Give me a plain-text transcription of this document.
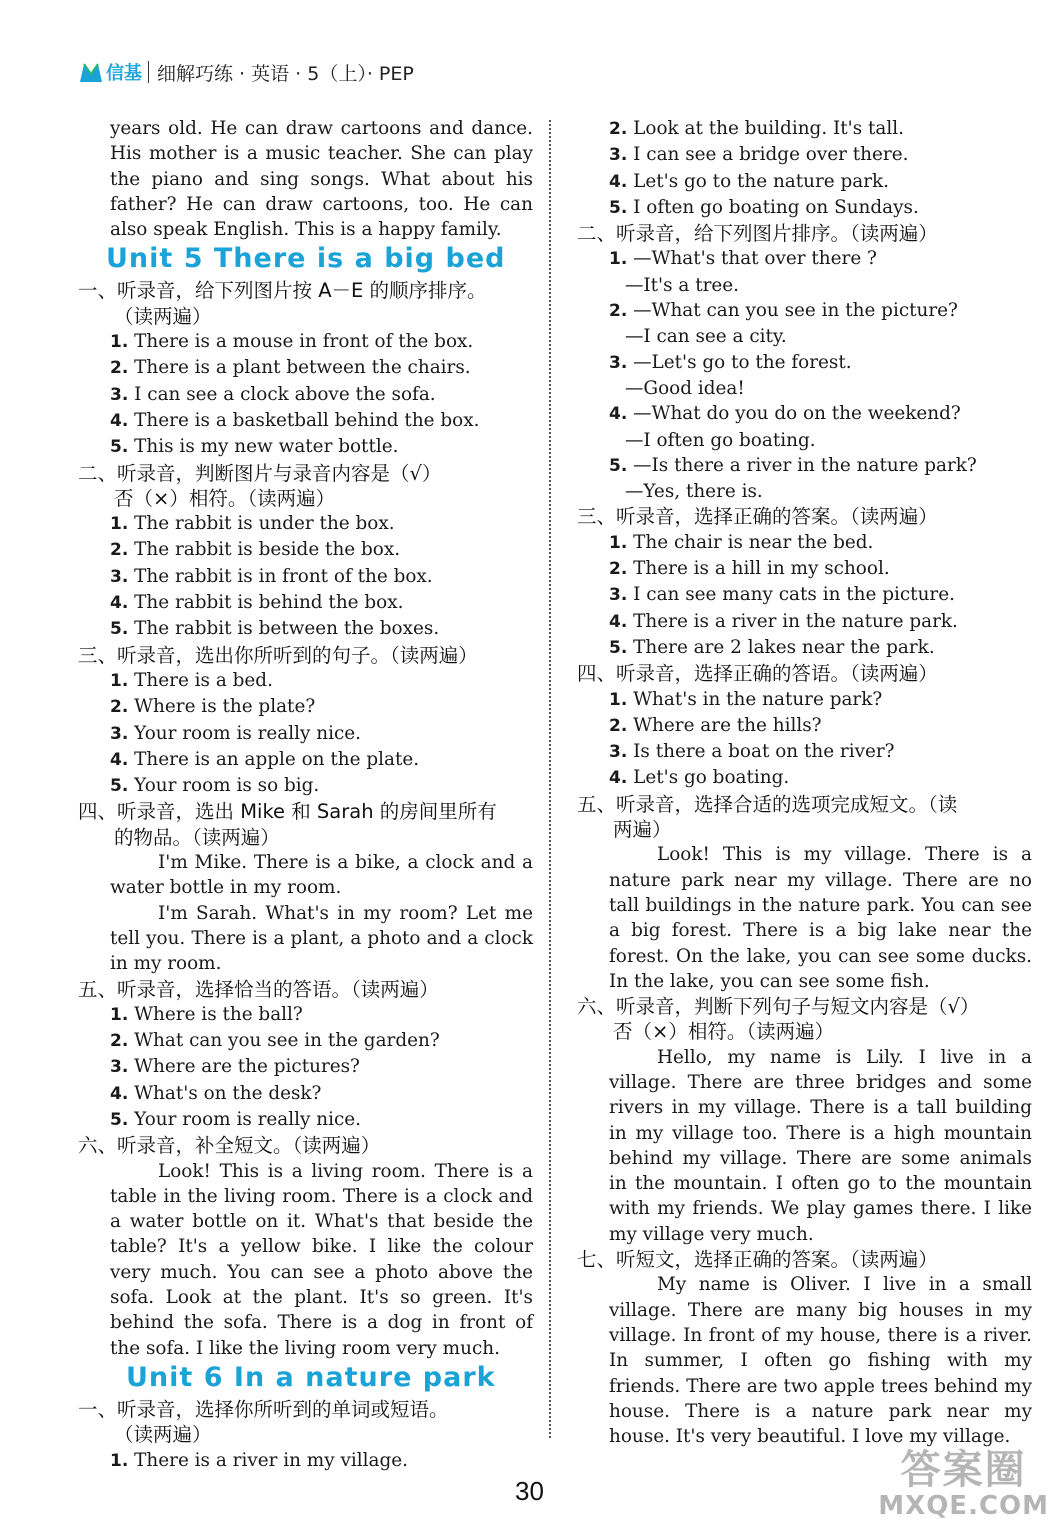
信基 细解巧练 · 英语 · 5（上）· PEP

years old. He can draw cartoons and dance. His mother is a music teacher. She can play the piano and sing songs. What about his father? He can draw cartoons, too. He can also speak English. This is a happy family.

Unit 5 There is a big bed

一、听录音，给下列图片按 A－E 的顺序排序。
（读两遍）

1. There is a mouse in front of the box.

2. There is a plant between the chairs.

3. I can see a clock above the sofa.

4. There is a basketball behind the box.

5. This is my new water bottle.

二、听录音，判断图片与录音内容是（√）
否（×）相符。（读两遍）

1. The rabbit is under the box.

2. The rabbit is beside the box.

3. The rabbit is in front of the box.

4. The rabbit is behind the box.

5. The rabbit is between the boxes.

三、听录音，选出你所听到的句子。（读两遍）

1. There is a bed.

2. Where is the plate?

3. Your room is really nice.

4. There is an apple on the plate.

5. Your room is so big.

四、听录音，选出 Mike 和 Sarah 的房间里所有
的物品。（读两遍）

I'm Mike. There is a bike, a clock and a water bottle in my room.

I'm Sarah. What's in my room? Let me tell you. There is a plant, a photo and a clock in my room.

五、听录音，选择恰当的答语。（读两遍）

1. Where is the ball?

2. What can you see in the garden?

3. Where are the pictures?

4. What's on the desk?

5. Your room is really nice.

六、听录音，补全短文。（读两遍）

Look! This is a living room. There is a table in the living room. There is a clock and a water bottle on it. What's that beside the table? It's a yellow bike. I like the colour very much. You can see a photo above the sofa. Look at the plant. It's so green. It's behind the sofa. There is a dog in front of the sofa. I like the living room very much.

Unit 6 In a nature park

一、听录音，选择你所听到的单词或短语。
（读两遍）

1. There is a river in my village.

2. Look at the building. It's tall.

3. I can see a bridge over there.

4. Let's go to the nature park.

5. I often go boating on Sundays.

二、听录音，给下列图片排序。（读两遍）

1. —What's that over there ?
—It's a tree.

2. —What can you see in the picture?
—I can see a city.

3. —Let's go to the forest.
—Good idea!

4. —What do you do on the weekend?
—I often go boating.

5. —Is there a river in the nature park?
—Yes, there is.

三、听录音，选择正确的答案。（读两遍）

1. The chair is near the bed.

2. There is a hill in my school.

3. I can see many cats in the picture.

4. There is a river in the nature park.

5. There are 2 lakes near the park.

四、听录音，选择正确的答语。（读两遍）

1. What's in the nature park?

2. Where are the hills?

3. Is there a boat on the river?

4. Let's go boating.

五、听录音，选择合适的选项完成短文。（读
两遍）

Look! This is my village. There is a nature park near my village. There are no tall buildings in the nature park. You can see a big forest. There is a big lake near the forest. On the lake, you can see some ducks. In the lake, you can see some fish.

六、听录音，判断下列句子与短文内容是（√）
否（×）相符。（读两遍）

Hello, my name is Lily. I live in a village. There are three bridges and some rivers in my village. There is a tall building in my village too. There is a high mountain behind my village. There are some animals in the mountain. I often go to the mountain with my friends. We play games there. I like my village very much.

七、听短文，选择正确的答案。（读两遍）

My name is Oliver. I live in a small village. There are many big houses in my village. In front of my house, there is a river. In summer, I often go fishing with my friends. There are two apple trees behind my house. There is a nature park near my house. It's very beautiful. I love my village.

30	答案圈
MXQE.COM
